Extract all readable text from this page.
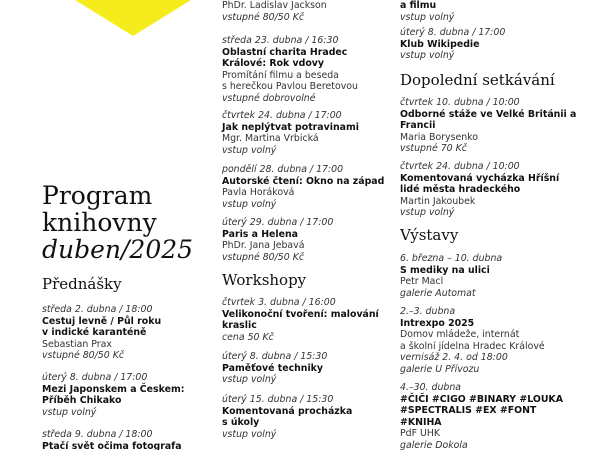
Program
knihovny
duben/2025
Přednášky
středa 2. dubna / 18:00
Cestuj levně / Půl roku
v indické karanténě
Sebastian Prax
vstupné 80/50 Kč
úterý 8. dubna / 17:00
Mezi Japonskem a Českem:
Příběh Chikako
vstup volný
středa 9. dubna / 18:00
Ptačí svět očima fotografa
PhDr. Ladislav Jackson
vstupné 80/50 Kč
středa 23. dubna / 16:30
Oblastní charita Hradec
Králové: Rok vdovy
Promítání filmu a beseda
s herečkou Pavlou Beretovou
vstupné dobrovolné
čtvrtek 24. dubna / 17:00
Jak neplýtvat potravinami
Mgr. Martina Vrbická
vstup volný
pondělí 28. dubna / 17:00
Autorské čtení: Okno na západ
Pavla Horáková
vstup volný
úterý 29. dubna / 17:00
Paris a Helena
PhDr. Jana Jebavá
vstupné 80/50 Kč
Workshopy
čtvrtek 3. dubna / 16:00
Velikonoční tvoření: malování
kraslic
cena 50 Kč
úterý 8. dubna / 15:30
Paměťové techniky
vstup volný
úterý 15. dubna / 15:30
Komentovaná procházka
s úkoly
vstup volný
a filmu
vstup volný
úterý 8. dubna / 17:00
Klub Wikipedie
vstup volný
Dopolední setkávání
čtvrtek 10. dubna / 10:00
Odborné stáže ve Velké Británii a
Francii
Maria Borysenko
vstupné 70 Kč
čtvrtek 24. dubna / 10:00
Komentovaná vycházka Hříšní
lidé města hradeckého
Martin Jakoubek
vstup volný
Výstavy
6. března – 10. dubna
S mediky na ulici
Petr Macl
galerie Automat
2.–3. dubna
Intrexpo 2025
Domov mládeže, internát
a školní jídelna Hradec Králové
vernisáž 2. 4. od 18:00
galerie U Přívozu
4.–30. dubna
#ČIČI #CIGO #BINARY #LOUKA
#SPECTRALIS #EX #FONT
#KNIHA
PdF UHK
galerie Dokola
